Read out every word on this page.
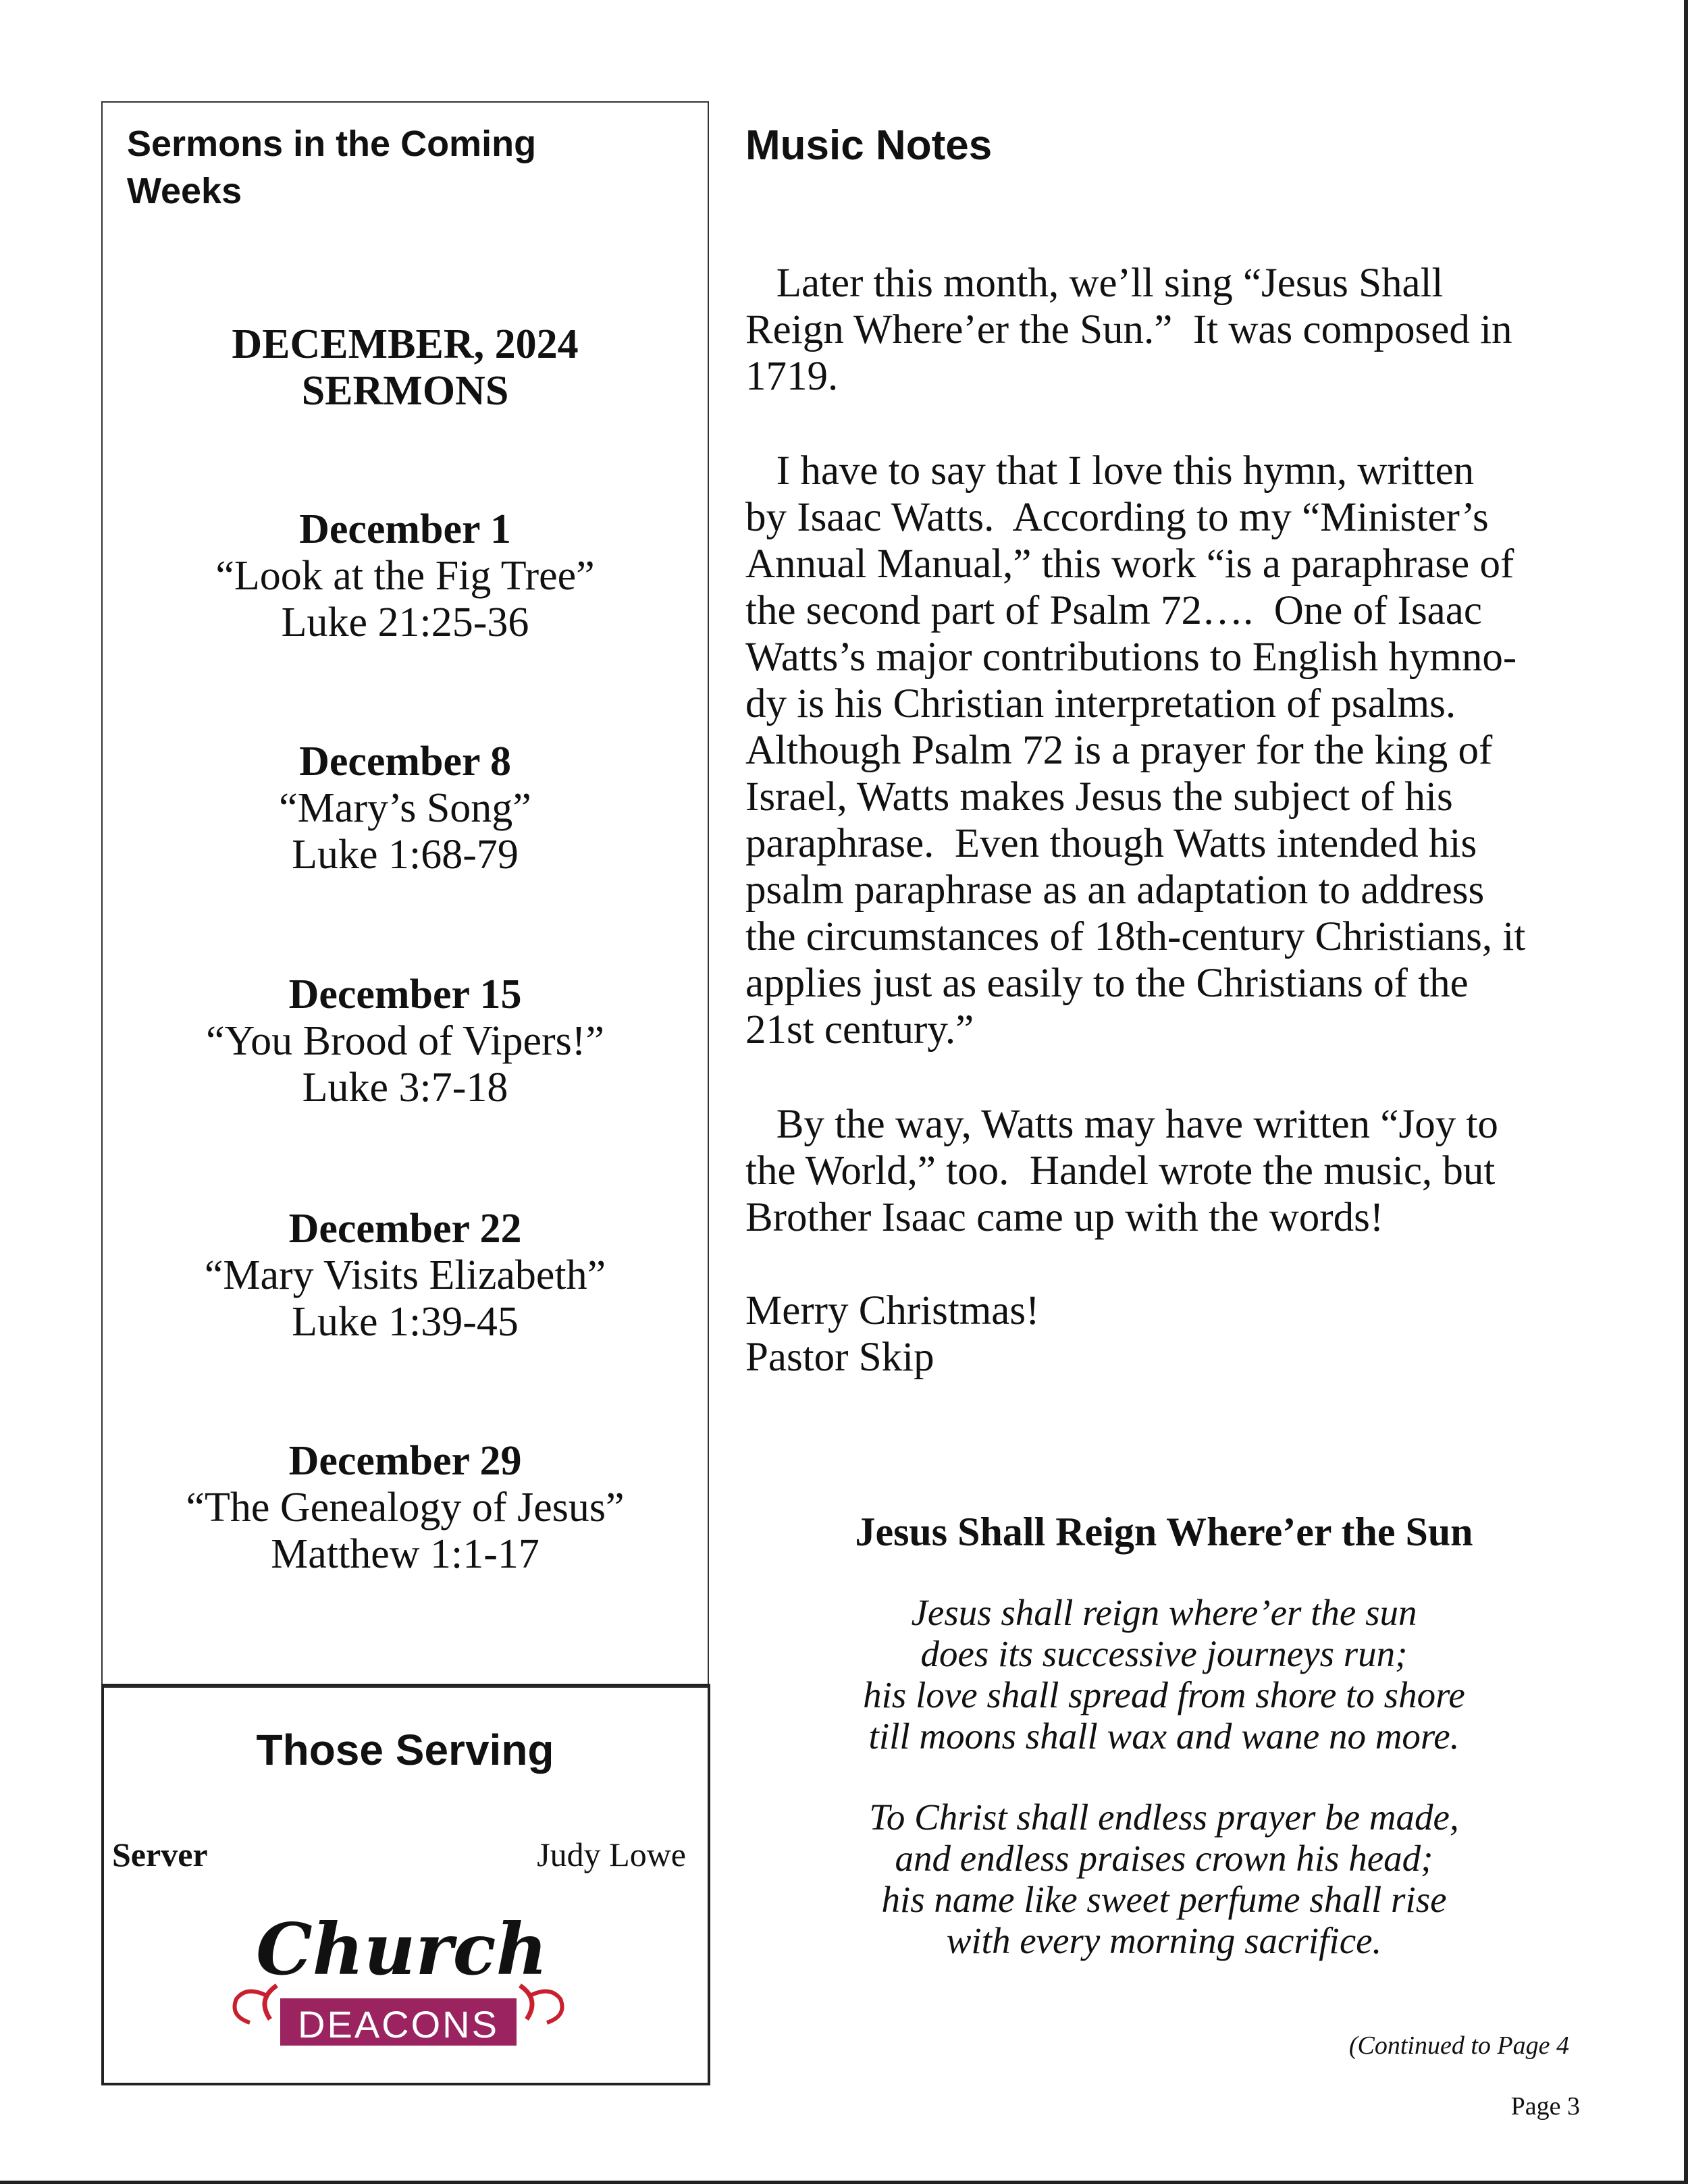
Sermons in the Coming
Weeks
DECEMBER, 2024
SERMONS
December 1
“Look at the Fig Tree”
Luke 21:25-36
December 8
“Mary’s Song”
Luke 1:68-79
December 15
“You Brood of Vipers!”
Luke 3:7-18
December 22
“Mary Visits Elizabeth”
Luke 1:39-45
December 29
“The Genealogy of Jesus”
Matthew 1:1-17
Those Serving
Server	Judy Lowe
DEACONS
Church
Music Notes
Later this month, we’ll sing “Jesus Shall
Reign Where’er the Sun.”  It was composed in
1719.
I have to say that I love this hymn, written
by Isaac Watts.  According to my “Minister’s
Annual Manual,” this work “is a paraphrase of
the second part of Psalm 72….  One of Isaac
Watts’s major contributions to English hymno-
dy is his Christian interpretation of psalms.
Although Psalm 72 is a prayer for the king of
Israel, Watts makes Jesus the subject of his
paraphrase.  Even though Watts intended his
psalm paraphrase as an adaptation to address
the circumstances of 18th-century Christians, it
applies just as easily to the Christians of the
21st century.”
By the way, Watts may have written “Joy to
the World,” too.  Handel wrote the music, but
Brother Isaac came up with the words!
Merry Christmas!
Pastor Skip
Jesus Shall Reign Where’er the Sun
Jesus shall reign where’er the sun
does its successive journeys run;
his love shall spread from shore to shore
till moons shall wax and wane no more.
To Christ shall endless prayer be made,
and endless praises crown his head;
his name like sweet perfume shall rise
with every morning sacrifice.
(Continued to Page 4
Page 3
